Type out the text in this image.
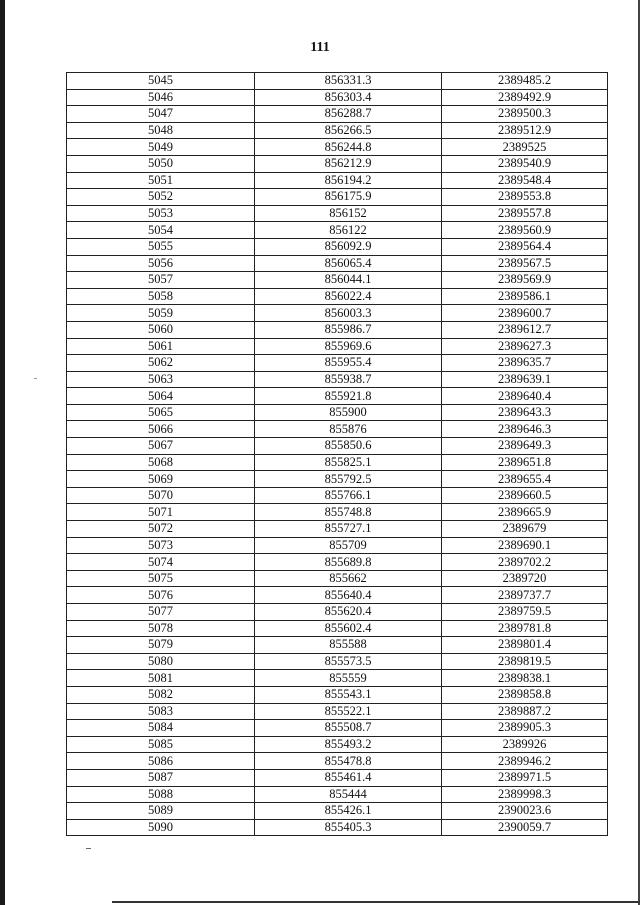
111
5045	856331.3	2389485.2
5046	856303.4	2389492.9
5047	856288.7	2389500.3
5048	856266.5	2389512.9
5049	856244.8	2389525
5050	856212.9	2389540.9
5051	856194.2	2389548.4
5052	856175.9	2389553.8
5053	856152	2389557.8
5054	856122	2389560.9
5055	856092.9	2389564.4
5056	856065.4	2389567.5
5057	856044.1	2389569.9
5058	856022.4	2389586.1
5059	856003.3	2389600.7
5060	855986.7	2389612.7
5061	855969.6	2389627.3
5062	855955.4	2389635.7
5063	855938.7	2389639.1
5064	855921.8	2389640.4
5065	855900	2389643.3
5066	855876	2389646.3
5067	855850.6	2389649.3
5068	855825.1	2389651.8
5069	855792.5	2389655.4
5070	855766.1	2389660.5
5071	855748.8	2389665.9
5072	855727.1	2389679
5073	855709	2389690.1
5074	855689.8	2389702.2
5075	855662	2389720
5076	855640.4	2389737.7
5077	855620.4	2389759.5
5078	855602.4	2389781.8
5079	855588	2389801.4
5080	855573.5	2389819.5
5081	855559	2389838.1
5082	855543.1	2389858.8
5083	855522.1	2389887.2
5084	855508.7	2389905.3
5085	855493.2	2389926
5086	855478.8	2389946.2
5087	855461.4	2389971.5
5088	855444	2389998.3
5089	855426.1	2390023.6
5090	855405.3	2390059.7
